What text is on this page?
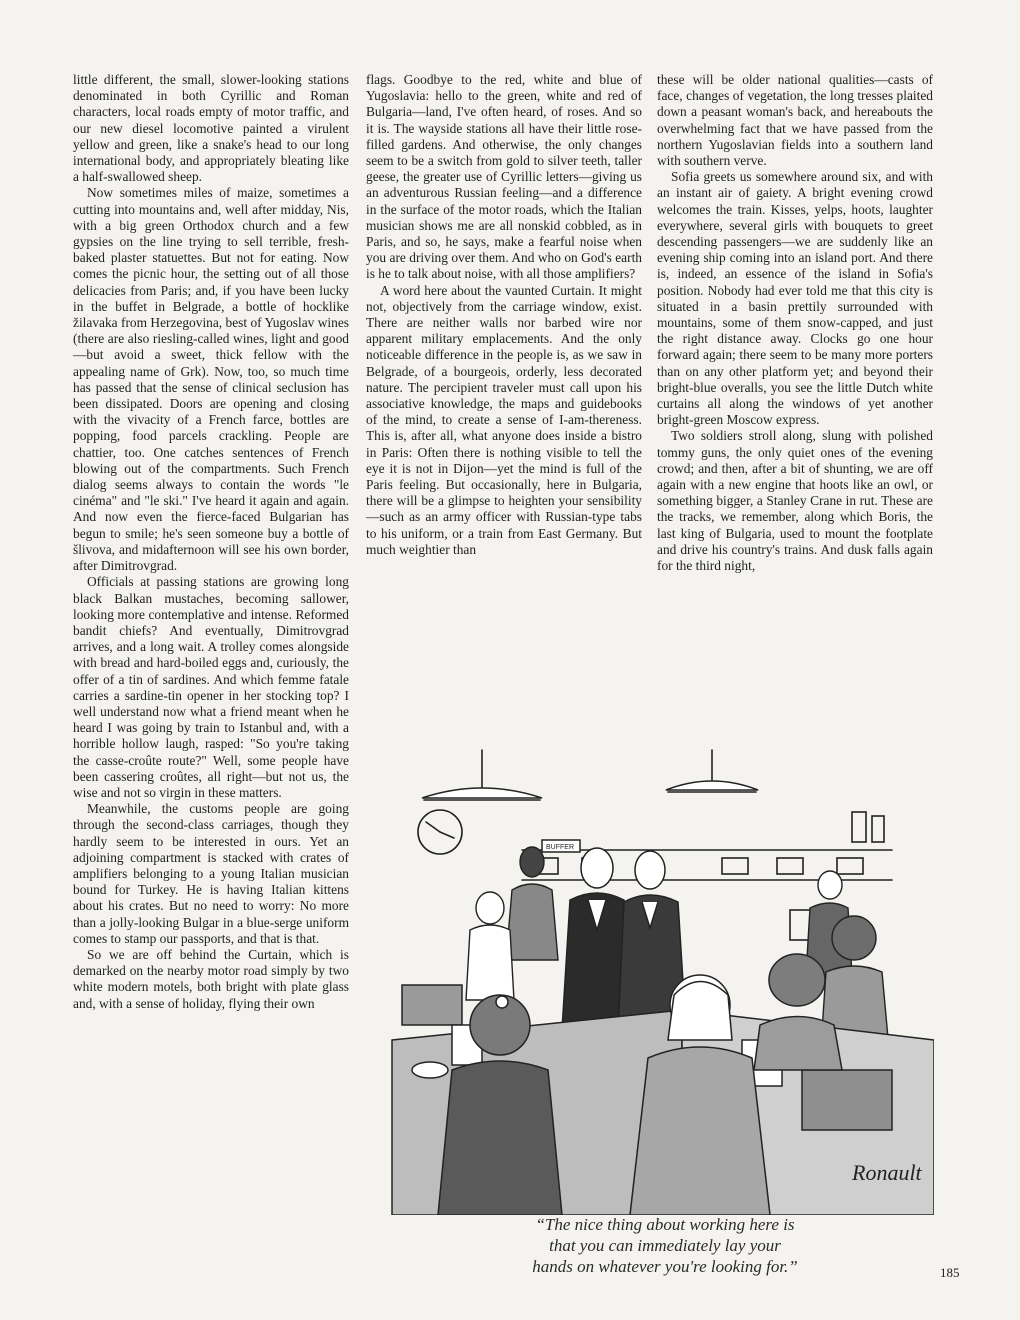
little different, the small, slower-looking stations denominated in both Cyrillic and Roman characters, local roads empty of motor traffic, and our new diesel locomotive painted a virulent yellow and green, like a snake's head to our long international body, and appropriately bleating like a half-swallowed sheep.

Now sometimes miles of maize, sometimes a cutting into mountains and, well after midday, Nis, with a big green Orthodox church and a few gypsies on the line trying to sell terrible, fresh-baked plaster statuettes. But not for eating. Now comes the picnic hour, the setting out of all those delicacies from Paris; and, if you have been lucky in the buffet in Belgrade, a bottle of hocklike žilavaka from Herzegovina, best of Yugoslav wines (there are also riesling-called wines, light and good—but avoid a sweet, thick fellow with the appealing name of Grk). Now, too, so much time has passed that the sense of clinical seclusion has been dissipated. Doors are opening and closing with the vivacity of a French farce, bottles are popping, food parcels crackling. People are chattier, too. One catches sentences of French blowing out of the compartments. Such French dialog seems always to contain the words "le cinéma" and "le ski." I've heard it again and again. And now even the fierce-faced Bulgarian has begun to smile; he's seen someone buy a bottle of šlivova, and midafternoon will see his own border, after Dimitrovgrad.

Officials at passing stations are growing long black Balkan mustaches, becoming sallower, looking more contemplative and intense. Reformed bandit chiefs? And eventually, Dimitrovgrad arrives, and a long wait. A trolley comes alongside with bread and hard-boiled eggs and, curiously, the offer of a tin of sardines. And which femme fatale carries a sardine-tin opener in her stocking top? I well understand now what a friend meant when he heard I was going by train to Istanbul and, with a horrible hollow laugh, rasped: "So you're taking the casse-croûte route?" Well, some people have been cassering croûtes, all right—but not us, the wise and not so virgin in these matters.

Meanwhile, the customs people are going through the second-class carriages, though they hardly seem to be interested in ours. Yet an adjoining compartment is stacked with crates of amplifiers belonging to a young Italian musician bound for Turkey. He is having Italian kittens about his crates. But no need to worry: No more than a jolly-looking Bulgar in a blue-serge uniform comes to stamp our passports, and that is that.

So we are off behind the Curtain, which is demarked on the nearby motor road simply by two white modern motels, both bright with plate glass and, with a sense of holiday, flying their own

flags. Goodbye to the red, white and blue of Yugoslavia: hello to the green, white and red of Bulgaria—land, I've often heard, of roses. And so it is. The wayside stations all have their little rose-filled gardens. And otherwise, the only changes seem to be a switch from gold to silver teeth, taller geese, the greater use of Cyrillic letters—giving us an adventurous Russian feeling—and a difference in the surface of the motor roads, which the Italian musician shows me are all nonskid cobbled, as in Paris, and so, he says, make a fearful noise when you are driving over them. And who on God's earth is he to talk about noise, with all those amplifiers?

A word here about the vaunted Curtain. It might not, objectively from the carriage window, exist. There are neither walls nor barbed wire nor apparent military emplacements. And the only noticeable difference in the people is, as we saw in Belgrade, of a bourgeois, orderly, less decorated nature. The percipient traveler must call upon his associative knowledge, the maps and guidebooks of the mind, to create a sense of I-am-thereness. This is, after all, what anyone does inside a bistro in Paris: Often there is nothing visible to tell the eye it is not in Dijon—yet the mind is full of the Paris feeling. But occasionally, here in Bulgaria, there will be a glimpse to heighten your sensibility—such as an army officer with Russian-type tabs to his uniform, or a train from East Germany. But much weightier than

these will be older national qualities—casts of face, changes of vegetation, the long tresses plaited down a peasant woman's back, and hereabouts the overwhelming fact that we have passed from the northern Yugoslavian fields into a southern land with southern verve.

Sofia greets us somewhere around six, and with an instant air of gaiety. A bright evening crowd welcomes the train. Kisses, yelps, hoots, laughter everywhere, several girls with bouquets to greet descending passengers—we are suddenly like an evening ship coming into an island port. And there is, indeed, an essence of the island in Sofia's position. Nobody had ever told me that this city is situated in a basin prettily surrounded with mountains, some of them snow-capped, and just the right distance away. Clocks go one hour forward again; there seem to be many more porters than on any other platform yet; and beyond their bright-blue overalls, you see the little Dutch white curtains all along the windows of yet another bright-green Moscow express.

Two soldiers stroll along, slung with polished tommy guns, the only quiet ones of the evening crowd; and then, after a bit of shunting, we are off again with a new engine that hoots like an owl, or something bigger, a Stanley Crane in rut. These are the tracks, we remember, along which Boris, the last king of Bulgaria, used to mount the footplate and drive his country's trains. And dusk falls again for the third night,

BUFFER
Ronault
“The nice thing about working here is
that you can immediately lay your
hands on whatever you're looking for.”	185
